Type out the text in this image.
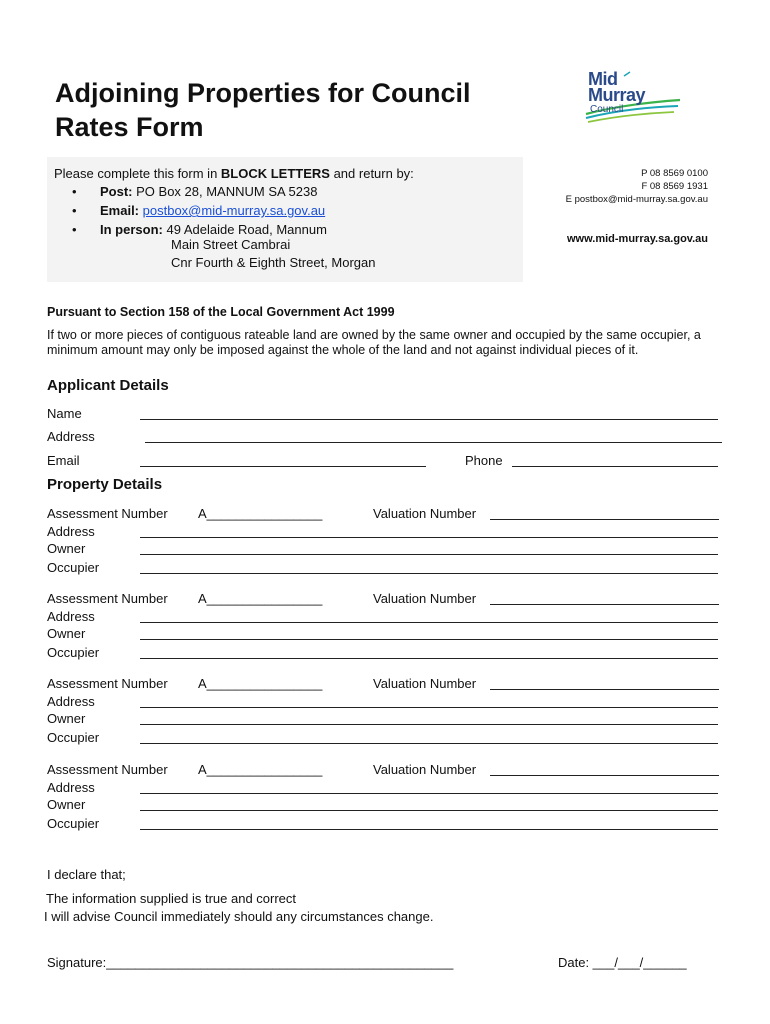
Adjoining Properties for Council
Rates Form
Mid
Murray
Council
Please complete this form in BLOCK LETTERS and return by:
• Post: PO Box 28, MANNUM SA 5238
• Email: postbox@mid-murray.sa.gov.au
• In person: 49 Adelaide Road, Mannum
Main Street Cambrai
Cnr Fourth & Eighth Street, Morgan
P 08 8569 0100
F 08 8569 1931
E postbox@mid-murray.sa.gov.au
www.mid-murray.sa.gov.au
Pursuant to Section 158 of the Local Government Act 1999
If two or more pieces of contiguous rateable land are owned by the same owner and occupied by the same occupier, a minimum amount may only be imposed against the whole of the land and not against individual pieces of it.
Applicant Details
Name
Address
Email	Phone
Property Details
Assessment Number A________________	Valuation Number
Address
Owner
Occupier
Assessment Number A________________	Valuation Number
Address
Owner
Occupier
Assessment Number A________________	Valuation Number
Address
Owner
Occupier
Assessment Number A________________	Valuation Number
Address
Owner
Occupier
I declare that;
The information supplied is true and correct
I will advise Council immediately should any circumstances change.
Signature:________________________________________________	Date: ___/___/______
